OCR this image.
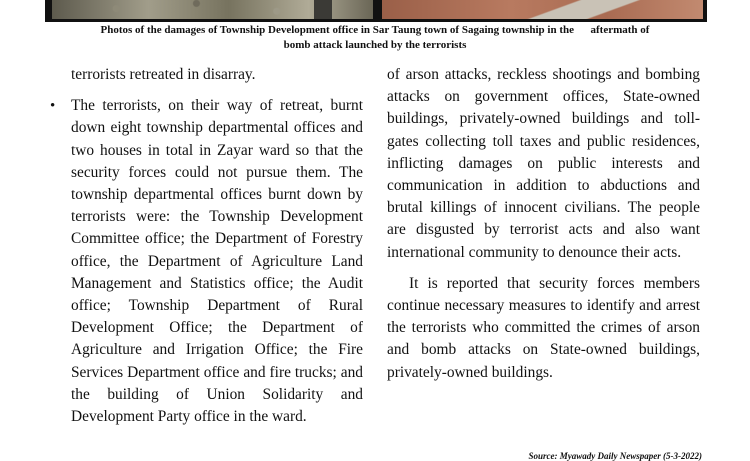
Photos of the damages of Township Development office in Sar Taung town of Sagaing township in the      aftermath of
bomb attack launched by the terrorists

terrorists retreated in disarray.

• The terrorists, on their way of retreat, burnt down eight township departmental offices and two houses in total in Zayar ward so that the security forces could not pursue them. The township departmental offices burnt down by terrorists were: the Township Development Committee office; the Department of Forestry office, the Department of Agriculture Land Management and Statistics office; the Audit office; Township Department of Rural Development Office; the Department of Agriculture and Irrigation Office; the Fire Services Department office and fire trucks; and the building of Union Solidarity and Development Party office in the ward.

of arson attacks, reckless shootings and bombing attacks on government offices, State-owned buildings, privately-owned buildings and toll-gates collecting toll taxes and public residences, inflicting damages on public interests and communication in addition to abductions and brutal killings of innocent civilians. The people are disgusted by terrorist acts and also want international community to denounce their acts.

It is reported that security forces members continue necessary measures to identify and arrest the terrorists who committed the crimes of arson and bomb attacks on State-owned buildings, privately-owned buildings.

Source: Myawady Daily Newspaper (5-3-2022)
